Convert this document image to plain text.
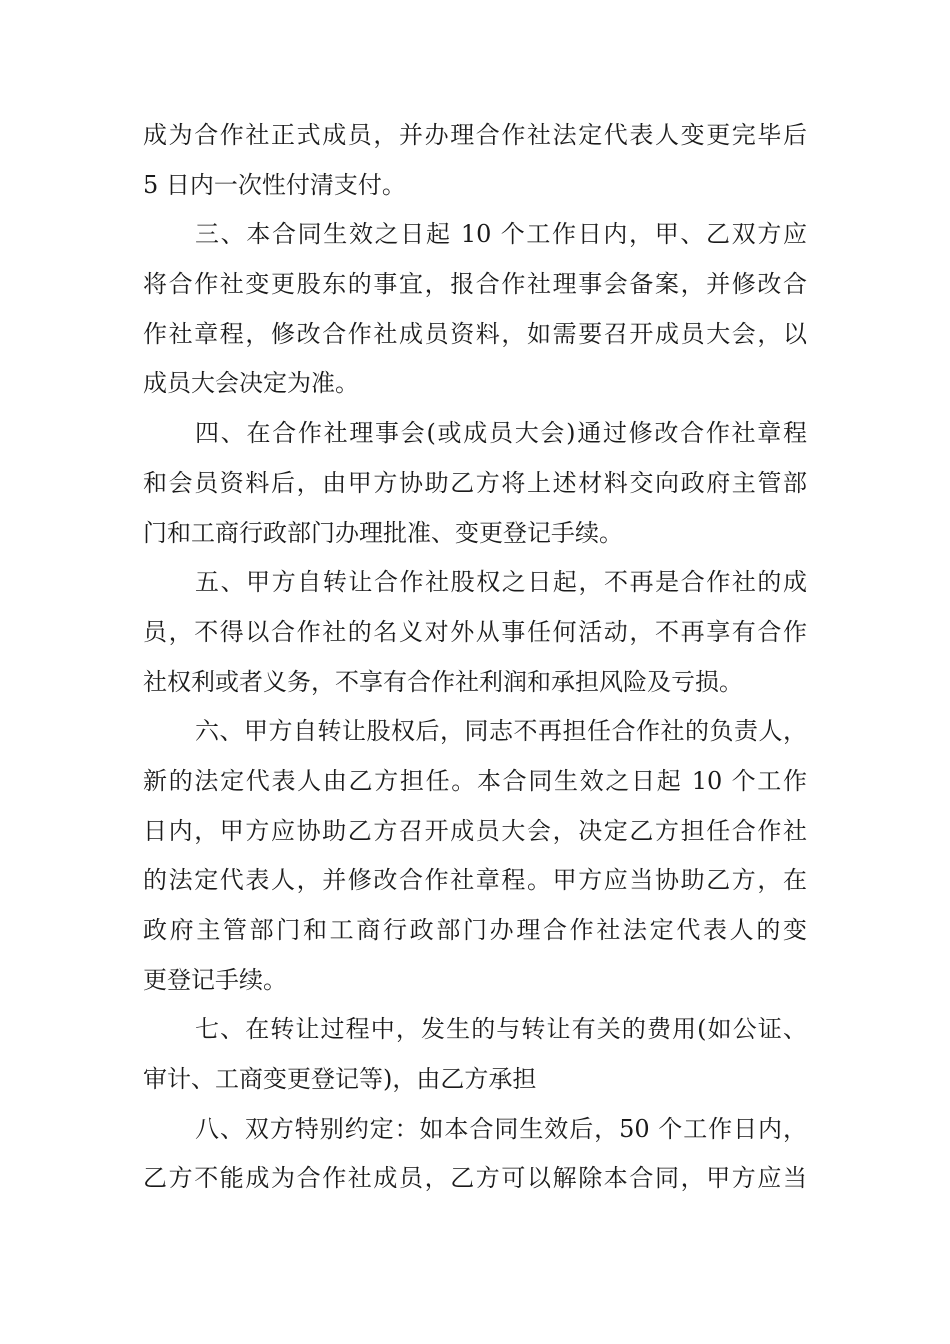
成为合作社正式成员，并办理合作社法定代表人变更完毕后
5 日内一次性付清支付。

三、本合同生效之日起 10 个工作日内，甲、乙双方应
将合作社变更股东的事宜，报合作社理事会备案，并修改合
作社章程，修改合作社成员资料，如需要召开成员大会，以
成员大会决定为准。

四、在合作社理事会(或成员大会)通过修改合作社章程
和会员资料后，由甲方协助乙方将上述材料交向政府主管部
门和工商行政部门办理批准、变更登记手续。

五、甲方自转让合作社股权之日起，不再是合作社的成
员，不得以合作社的名义对外从事任何活动，不再享有合作
社权利或者义务，不享有合作社利润和承担风险及亏损。

六、甲方自转让股权后，同志不再担任合作社的负责人，
新的法定代表人由乙方担任。本合同生效之日起 10 个工作
日内，甲方应协助乙方召开成员大会，决定乙方担任合作社
的法定代表人，并修改合作社章程。甲方应当协助乙方，在
政府主管部门和工商行政部门办理合作社法定代表人的变
更登记手续。

七、在转让过程中，发生的与转让有关的费用(如公证、
审计、工商变更登记等)，由乙方承担

八、双方特别约定：如本合同生效后，50 个工作日内，
乙方不能成为合作社成员，乙方可以解除本合同，甲方应当
